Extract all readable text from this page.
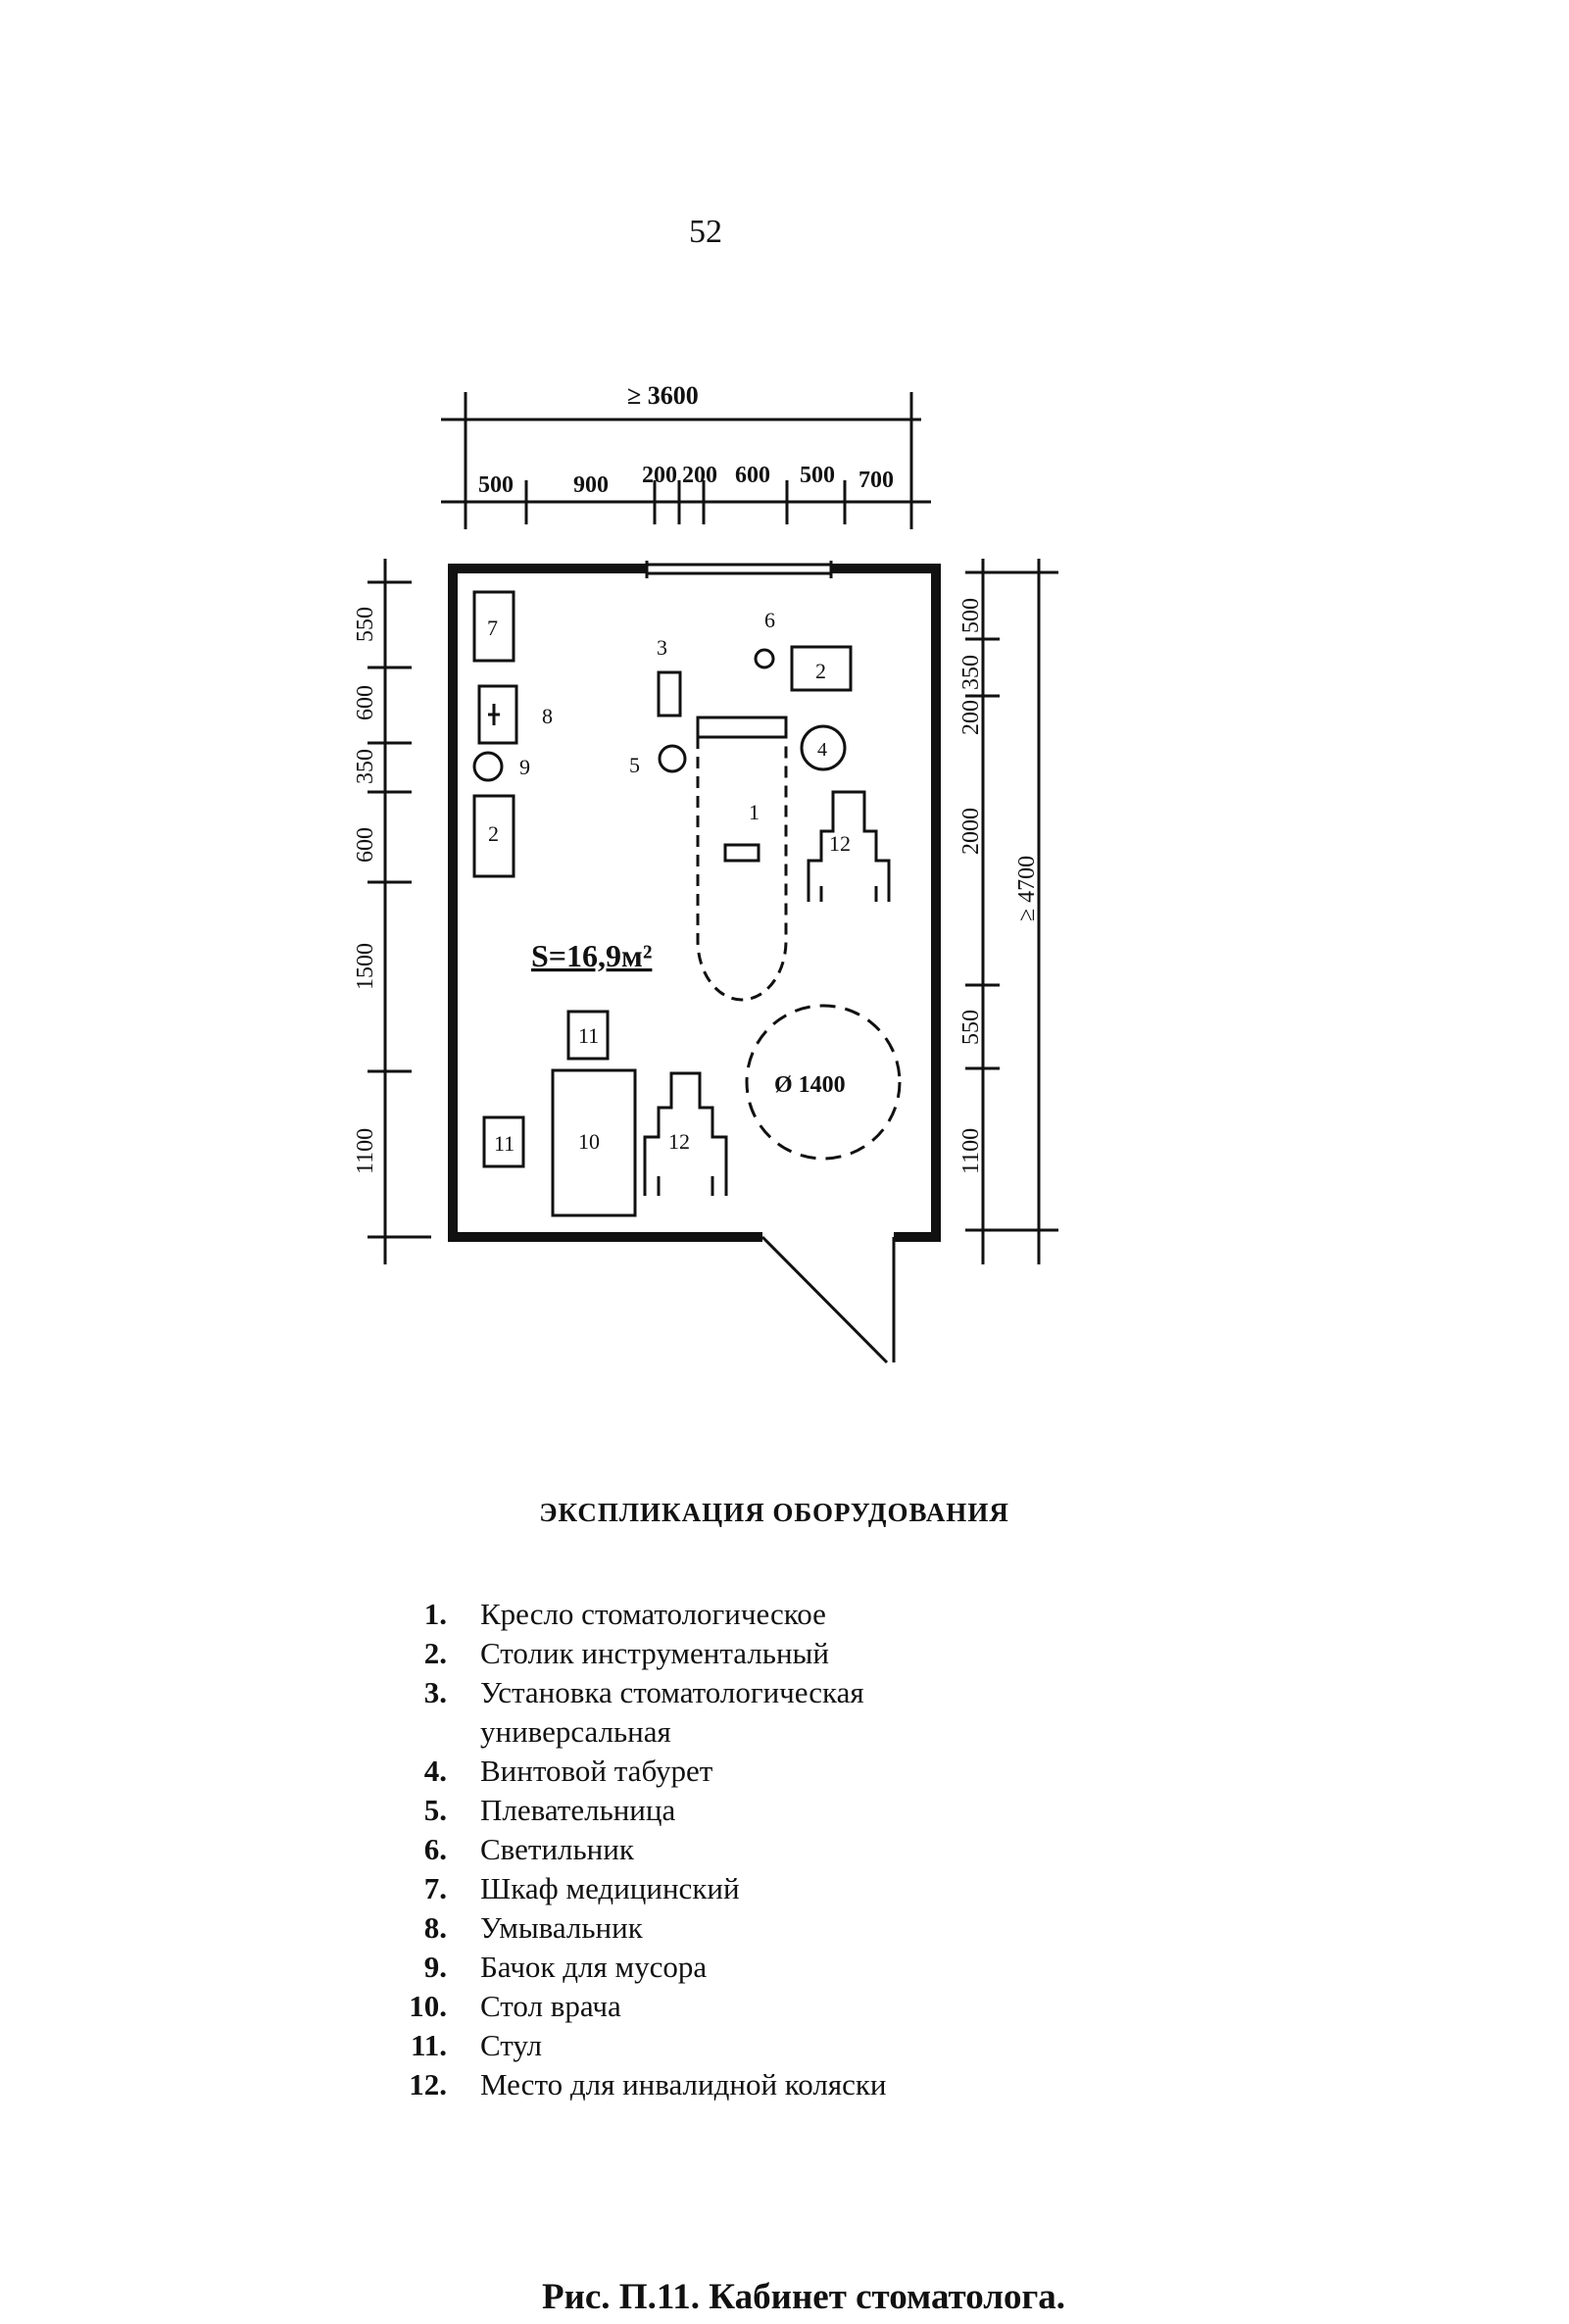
52
≥ 3600
500	900 200 200 600 500 700
550
600
350
600
1500
1100
500
350
200
2000
550
1100
≥ 4700
S=16,9м²
Ø 1400
7
8
9
2
3
6
2
5
4
1
12
11
10
11	12
ЭКСПЛИКАЦИЯ ОБОРУДОВАНИЯ
1. Кресло стоматологическое
2. Столик инструментальный
3. Установка стоматологическая
универсальная
4. Винтовой табурет
5. Плевательница
6. Светильник
7. Шкаф медицинский
8. Умывальник
9. Бачок для мусора
10. Стол врача
11. Стул
12. Место для инвалидной коляски
Рис. П.11. Кабинет стоматолога.
